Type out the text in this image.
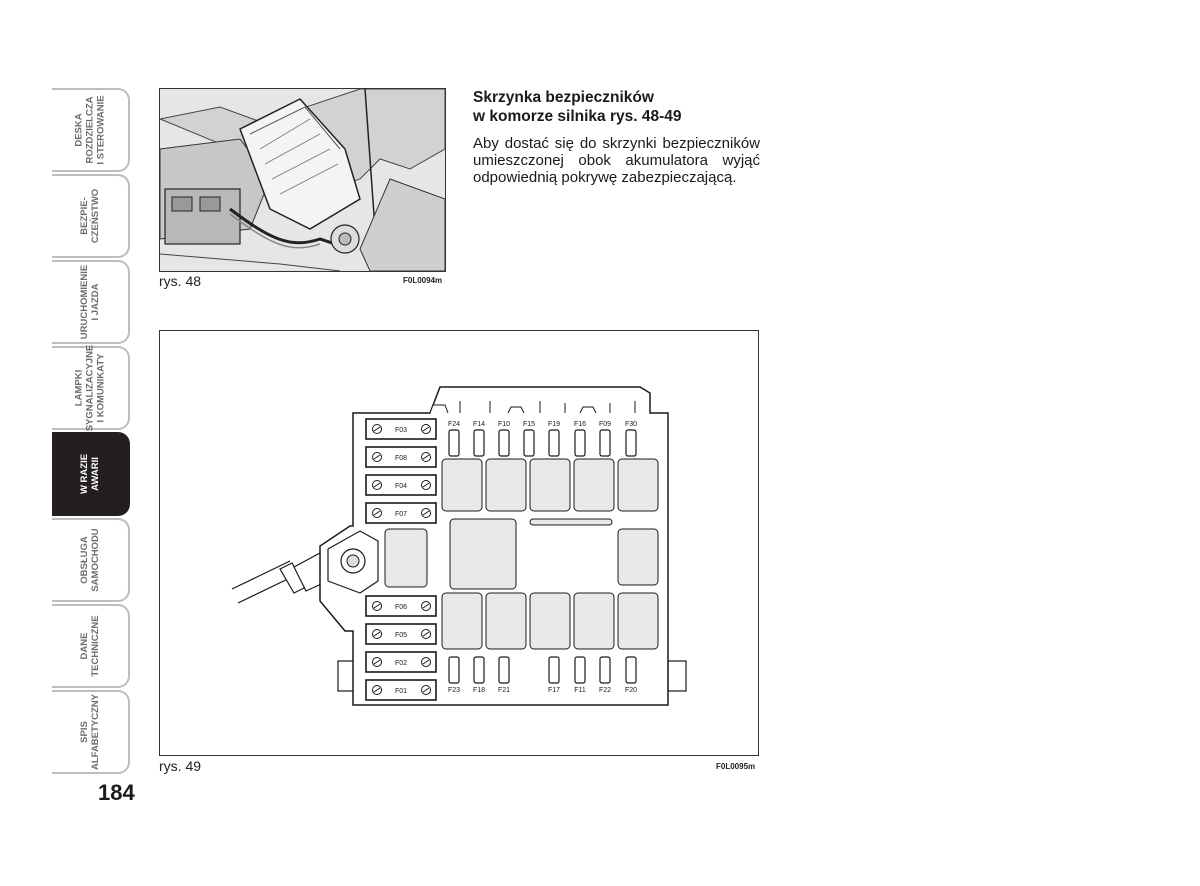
DESKA
ROZDZIELCZA
I STEROWANIE
BEZPIE-
CZEŃSTWO
URUCHOMIENIE
I JAZDA
LAMPKI
SYGNALIZACYJNE
I KOMUNIKATY
W RAZIE
AWARII
OBSŁUGA
SAMOCHODU
DANE
TECHNICZNE
SPIS
ALFABETYCZNY
184
rys. 48	F0L0094m
Skrzynka bezpieczników
w komorze silnika rys. 48-49
Aby dostać się do skrzynki bezpieczników umieszczonej obok akumulatora wyjąć odpowiednią pokrywę zabezpieczającą.
F03
F08
F04
F07
F06
F05
F02
F01
F24 F14 F10 F15 F19 F16 F09 F30
F23 F18 F21	F17 F11 F22 F20
rys. 49	F0L0095m
